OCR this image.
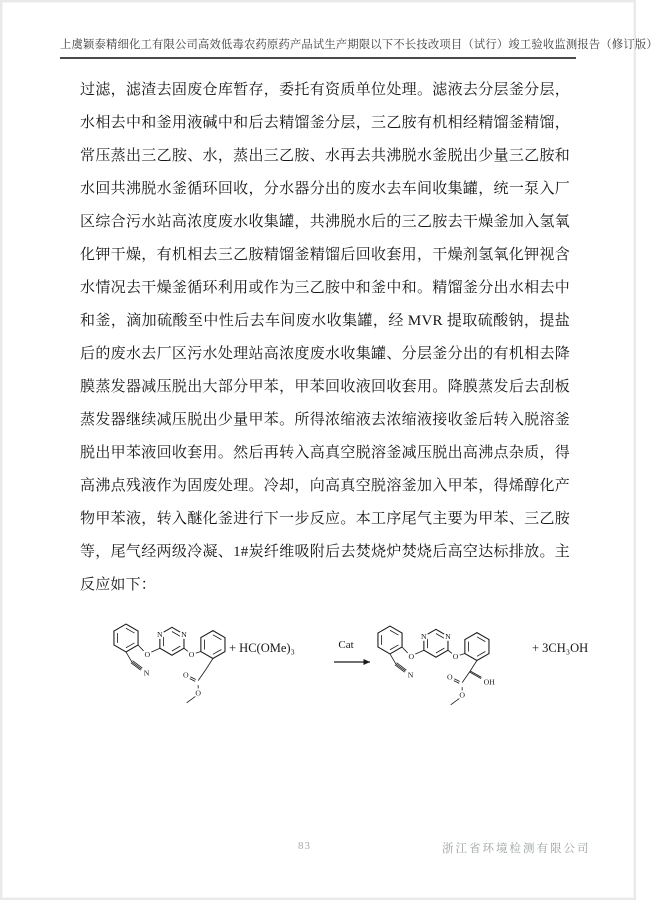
上虞颖泰精细化工有限公司高效低毒农药原药产品试生产期限以下不长技改项目（试行）竣工验收监测报告（修订版）
过滤，滤渣去固废仓库暂存，委托有资质单位处理。滤液去分层釜分层，
水相去中和釜用液碱中和后去精馏釜分层，三乙胺有机相经精馏釜精馏，
常压蒸出三乙胺、水，蒸出三乙胺、水再去共沸脱水釜脱出少量三乙胺和
水回共沸脱水釜循环回收，分水器分出的废水去车间收集罐，统一泵入厂
区综合污水站高浓度废水收集罐，共沸脱水后的三乙胺去干燥釜加入氢氧
化钾干燥，有机相去三乙胺精馏釜精馏后回收套用，干燥剂氢氧化钾视含
水情况去干燥釜循环利用或作为三乙胺中和釜中和。精馏釜分出水相去中
和釜，滴加硫酸至中性后去车间废水收集罐，经 MVR 提取硫酸钠，提盐
后的废水去厂区污水处理站高浓度废水收集罐、分层釜分出的有机相去降
膜蒸发器减压脱出大部分甲苯，甲苯回收液回收套用。降膜蒸发后去刮板
蒸发器继续减压脱出少量甲苯。所得浓缩液去浓缩液接收釜后转入脱溶釜
脱出甲苯液回收套用。然后再转入高真空脱溶釜减压脱出高沸点杂质，得
高沸点残液作为固废处理。冷却，向高真空脱溶釜加入甲苯，得烯醇化产
物甲苯液，转入醚化釜进行下一步反应。本工序尾气主要为甲苯、三乙胺
等，尾气经两级冷凝、1#炭纤维吸附后去焚烧炉焚烧后高空达标排放。主
反应如下：
N
O
N	N
O
O
O
+ HC(OMe)₃	Cat
OH
+ 3CH₃OH
83	浙江省环境检测有限公司
